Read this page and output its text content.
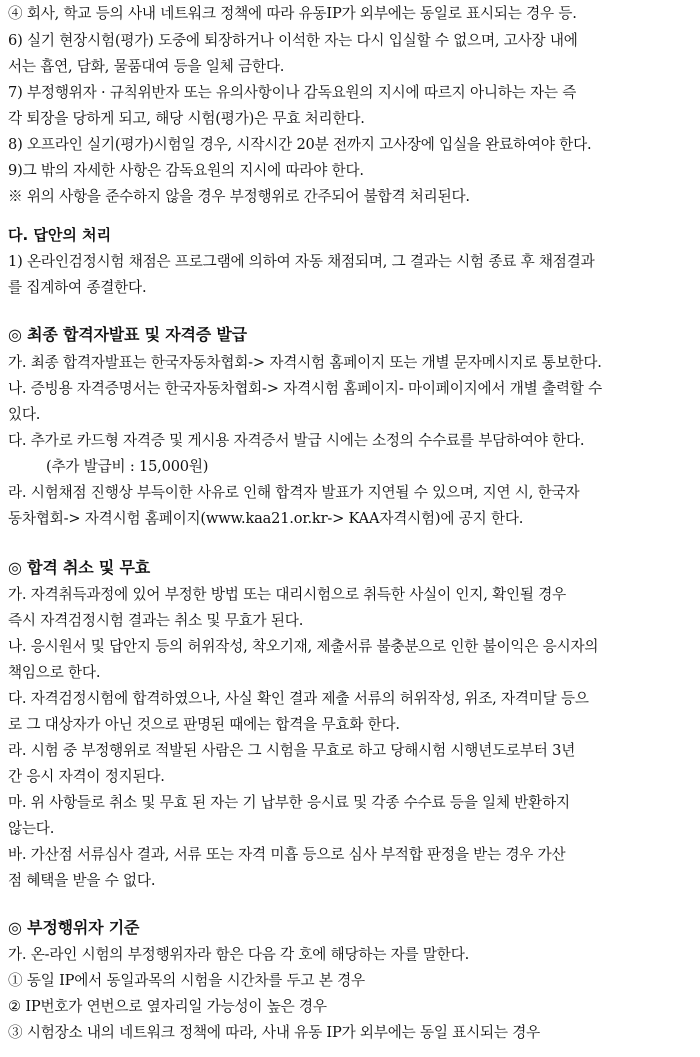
④ 회사, 학교 등의 사내 네트워크 정책에 따라 유동IP가 외부에는 동일로 표시되는 경우 등.
6) 실기 현장시험(평가) 도중에 퇴장하거나 이석한 자는 다시 입실할 수 없으며, 고사장 내에
서는 흡연, 담화, 물품대여 등을 일체 금한다.
7) 부정행위자 · 규칙위반자 또는 유의사항이나 감독요원의 지시에 따르지 아니하는 자는 즉
각 퇴장을 당하게 되고, 해당 시험(평가)은 무효 처리한다.
8) 오프라인 실기(평가)시험일 경우, 시작시간 20분 전까지 고사장에 입실을 완료하여야 한다.
9)그 밖의 자세한 사항은 감독요원의 지시에 따라야 한다.
※ 위의 사항을 준수하지 않을 경우 부정행위로 간주되어 불합격 처리된다.
다. 답안의 처리
1) 온라인검정시험 채점은 프로그램에 의하여 자동 채점되며, 그 결과는 시험 종료 후 채점결과
를 집계하여 종결한다.
◎ 최종 합격자발표 및 자격증 발급
가. 최종 합격자발표는 한국자동차협회-> 자격시험 홈페이지 또는 개별 문자메시지로 통보한다.
나. 증빙용 자격증명서는 한국자동차협회-> 자격시험 홈페이지- 마이페이지에서 개별 출력할 수
있다.
다. 추가로 카드형 자격증 및 게시용 자격증서 발급 시에는 소정의 수수료를 부담하여야 한다.
(추가 발급비 : 15,000원)
라. 시험채점 진행상 부득이한 사유로 인해 합격자 발표가 지연될 수 있으며, 지연 시, 한국자
동차협회-> 자격시험 홈페이지(www.kaa21.or.kr-> KAA자격시험)에 공지 한다.
◎ 합격 취소 및 무효
가. 자격취득과정에 있어 부정한 방법 또는 대리시험으로 취득한 사실이 인지, 확인될 경우
즉시 자격검정시험 결과는 취소 및 무효가 된다.
나. 응시원서 및 답안지 등의 허위작성, 착오기재, 제출서류 불충분으로 인한 불이익은 응시자의
책임으로 한다.
다. 자격검정시험에 합격하였으나, 사실 확인 결과 제출 서류의 허위작성, 위조, 자격미달 등으
로 그 대상자가 아닌 것으로 판명된 때에는 합격을 무효화 한다.
라. 시험 중 부정행위로 적발된 사람은 그 시험을 무효로 하고 당해시험 시행년도로부터 3년
간 응시 자격이 정지된다.
마. 위 사항들로 취소 및 무효 된 자는 기 납부한 응시료 및 각종 수수료 등을 일체 반환하지
않는다.
바. 가산점 서류심사 결과, 서류 또는 자격 미흡 등으로 심사 부적합 판정을 받는 경우 가산
점 혜택을 받을 수 없다.
◎ 부정행위자 기준
가. 온-라인 시험의 부정행위자라 함은 다음 각 호에 해당하는 자를 말한다.
① 동일 IP에서 동일과목의 시험을 시간차를 두고 본 경우
② IP번호가 연번으로 옆자리일 가능성이 높은 경우
③ 시험장소 내의 네트워크 정책에 따라, 사내 유동 IP가 외부에는 동일 표시되는 경우
